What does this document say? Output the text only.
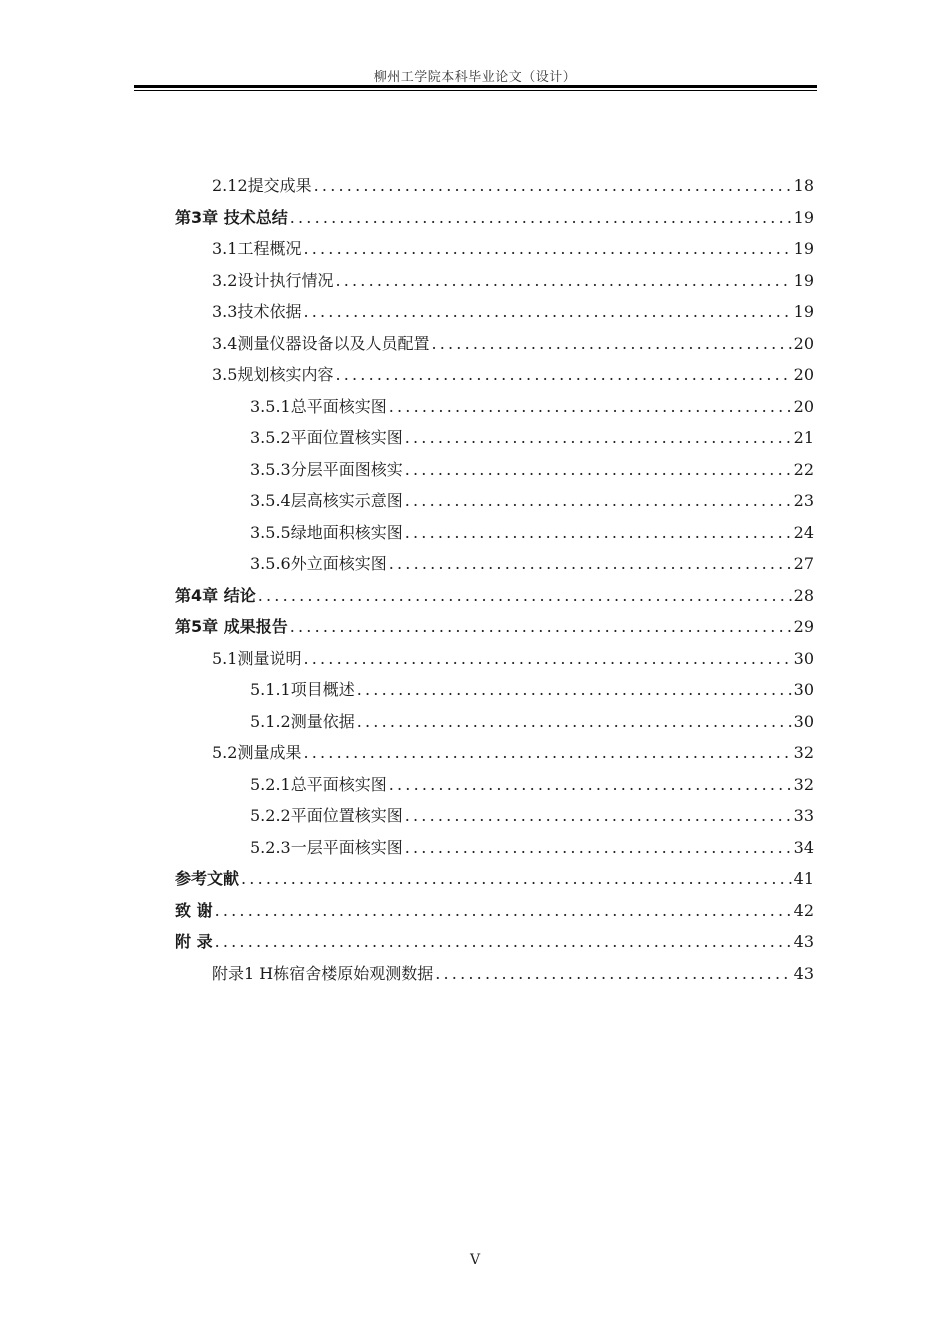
柳州工学院本科毕业论文（设计）
2.12提交成果 .....	18
第3章 技术总结 .....	19
3.1工程概况 .....	19
3.2设计执行情况 .....	19
3.3技术依据 .....	19
3.4测量仪器设备以及人员配置 .....	20
3.5规划核实内容 .....	20
3.5.1总平面核实图 .....	20
3.5.2平面位置核实图 .....	21
3.5.3分层平面图核实 .....	22
3.5.4层高核实示意图 .....	23
3.5.5绿地面积核实图 .....	24
3.5.6外立面核实图 .....	27
第4章 结论 .....	28
第5章 成果报告 .....	29
5.1测量说明 .....	30
5.1.1项目概述 .....	30
5.1.2测量依据 .....	30
5.2测量成果 .....	32
5.2.1总平面核实图 .....	32
5.2.2平面位置核实图 .....	33
5.2.3一层平面核实图 .....	34
参考文献 .....	41
致 谢 .....	42
附 录 .....	43
附录1 H栋宿舍楼原始观测数据 .....	43
V
